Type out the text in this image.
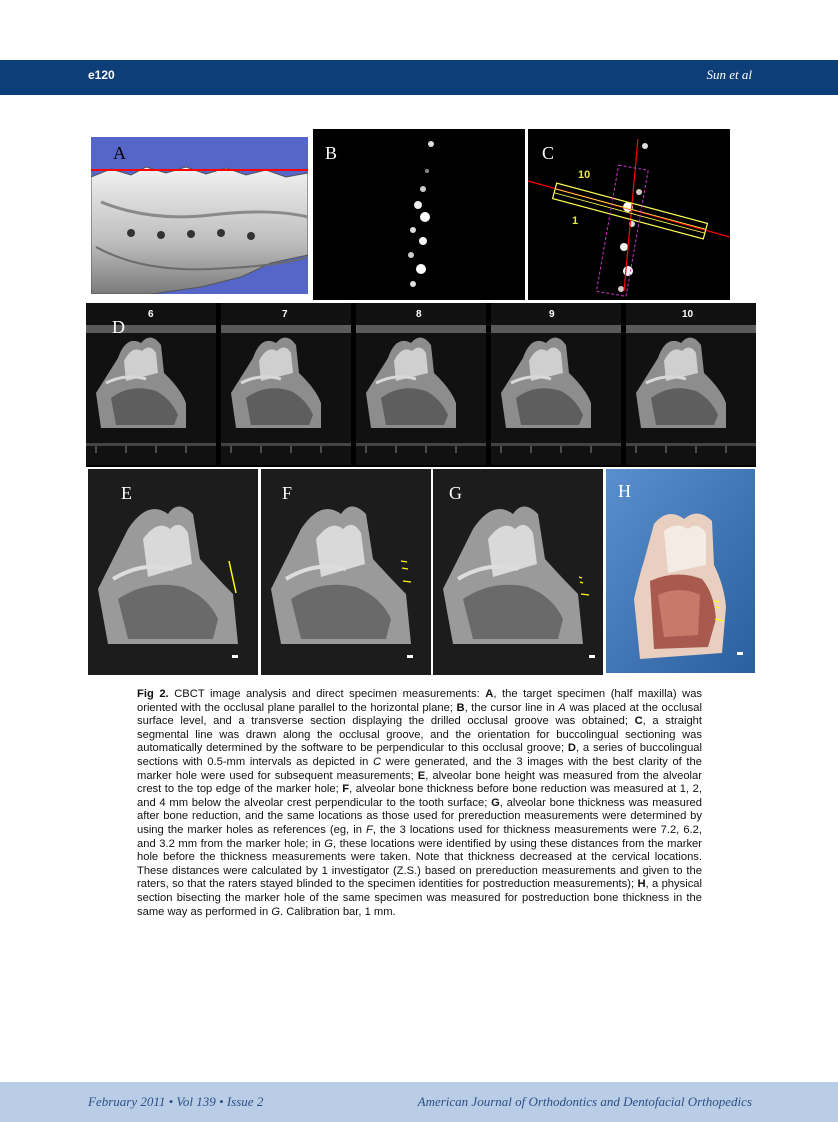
e120	Sun et al
A	B	C
10
1
D
6	7	8	9	10
E	F	G	H
Fig 2. CBCT image analysis and direct specimen measurements: A, the target specimen (half maxilla) was oriented with the occlusal plane parallel to the horizontal plane; B, the cursor line in A was placed at the occlusal surface level, and a transverse section displaying the drilled occlusal groove was obtained; C, a straight segmental line was drawn along the occlusal groove, and the orientation for buccolingual sectioning was automatically determined by the software to be perpendicular to this occlusal groove; D, a series of buccolingual sections with 0.5-mm intervals as depicted in C were generated, and the 3 images with the best clarity of the marker hole were used for subsequent measurements; E, alveolar bone height was measured from the alveolar crest to the top edge of the marker hole; F, alveolar bone thickness before bone reduction was measured at 1, 2, and 4 mm below the alveolar crest perpendicular to the tooth surface; G, alveolar bone thickness was measured after bone reduction, and the same locations as those used for prereduction measurements were determined by using the marker holes as references (eg, in F, the 3 locations used for thickness measurements were 7.2, 6.2, and 3.2 mm from the marker hole; in G, these locations were identified by using these distances from the marker hole before the thickness measurements were taken. Note that thickness decreased at the cervical locations. These distances were calculated by 1 investigator (Z.S.) based on prereduction measurements and given to the raters, so that the raters stayed blinded to the specimen identities for postreduction measurements); H, a physical section bisecting the marker hole of the same specimen was measured for postreduction bone thickness in the same way as performed in G. Calibration bar, 1 mm.
February 2011 • Vol 139 • Issue 2	American Journal of Orthodontics and Dentofacial Orthopedics
